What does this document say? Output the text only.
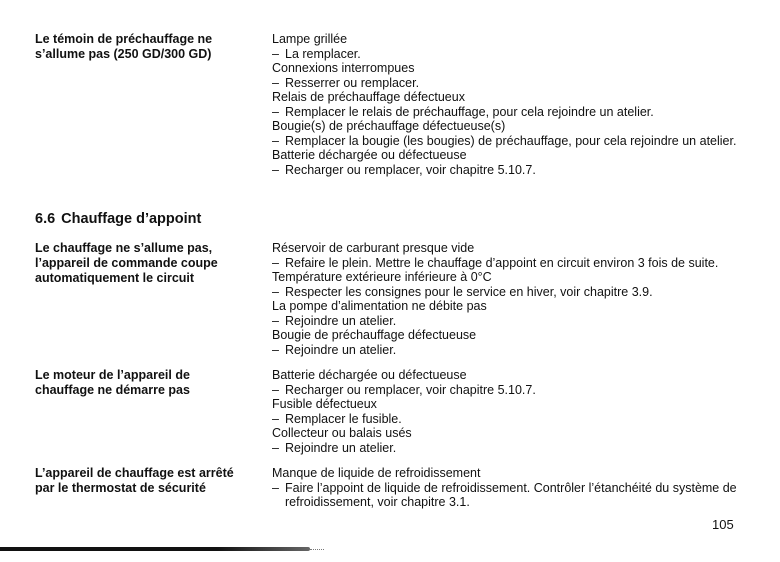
Le témoin de préchauffage ne
s’allume pas (250 GD/300 GD)
Lampe grillée
– La remplacer.
Connexions interrompues
– Resserrer ou remplacer.
Relais de préchauffage défectueux
– Remplacer le relais de préchauffage, pour cela rejoindre un atelier.
Bougie(s) de préchauffage défectueuse(s)
– Remplacer la bougie (les bougies) de préchauffage, pour cela rejoindre un atelier.
Batterie déchargée ou défectueuse
– Recharger ou remplacer, voir chapitre 5.10.7.
6.6 Chauffage d’appoint
Le chauffage ne s’allume pas,
l’appareil de commande coupe
automatiquement le circuit
Réservoir de carburant presque vide
– Refaire le plein. Mettre le chauffage d’appoint en circuit environ 3 fois de suite.
Température extérieure inférieure à 0°C
– Respecter les consignes pour le service en hiver, voir chapitre 3.9.
La pompe d’alimentation ne débite pas
– Rejoindre un atelier.
Bougie de préchauffage défectueuse
– Rejoindre un atelier.
Le moteur de l’appareil de
chauffage ne démarre pas
Batterie déchargée ou défectueuse
– Recharger ou remplacer, voir chapitre 5.10.7.
Fusible défectueux
– Remplacer le fusible.
Collecteur ou balais usés
– Rejoindre un atelier.
L’appareil de chauffage est arrêté
par le thermostat de sécurité
Manque de liquide de refroidissement
– Faire l’appoint de liquide de refroidissement. Contrôler l’étanchéité du système de refroidissement, voir chapitre 3.1.
105
